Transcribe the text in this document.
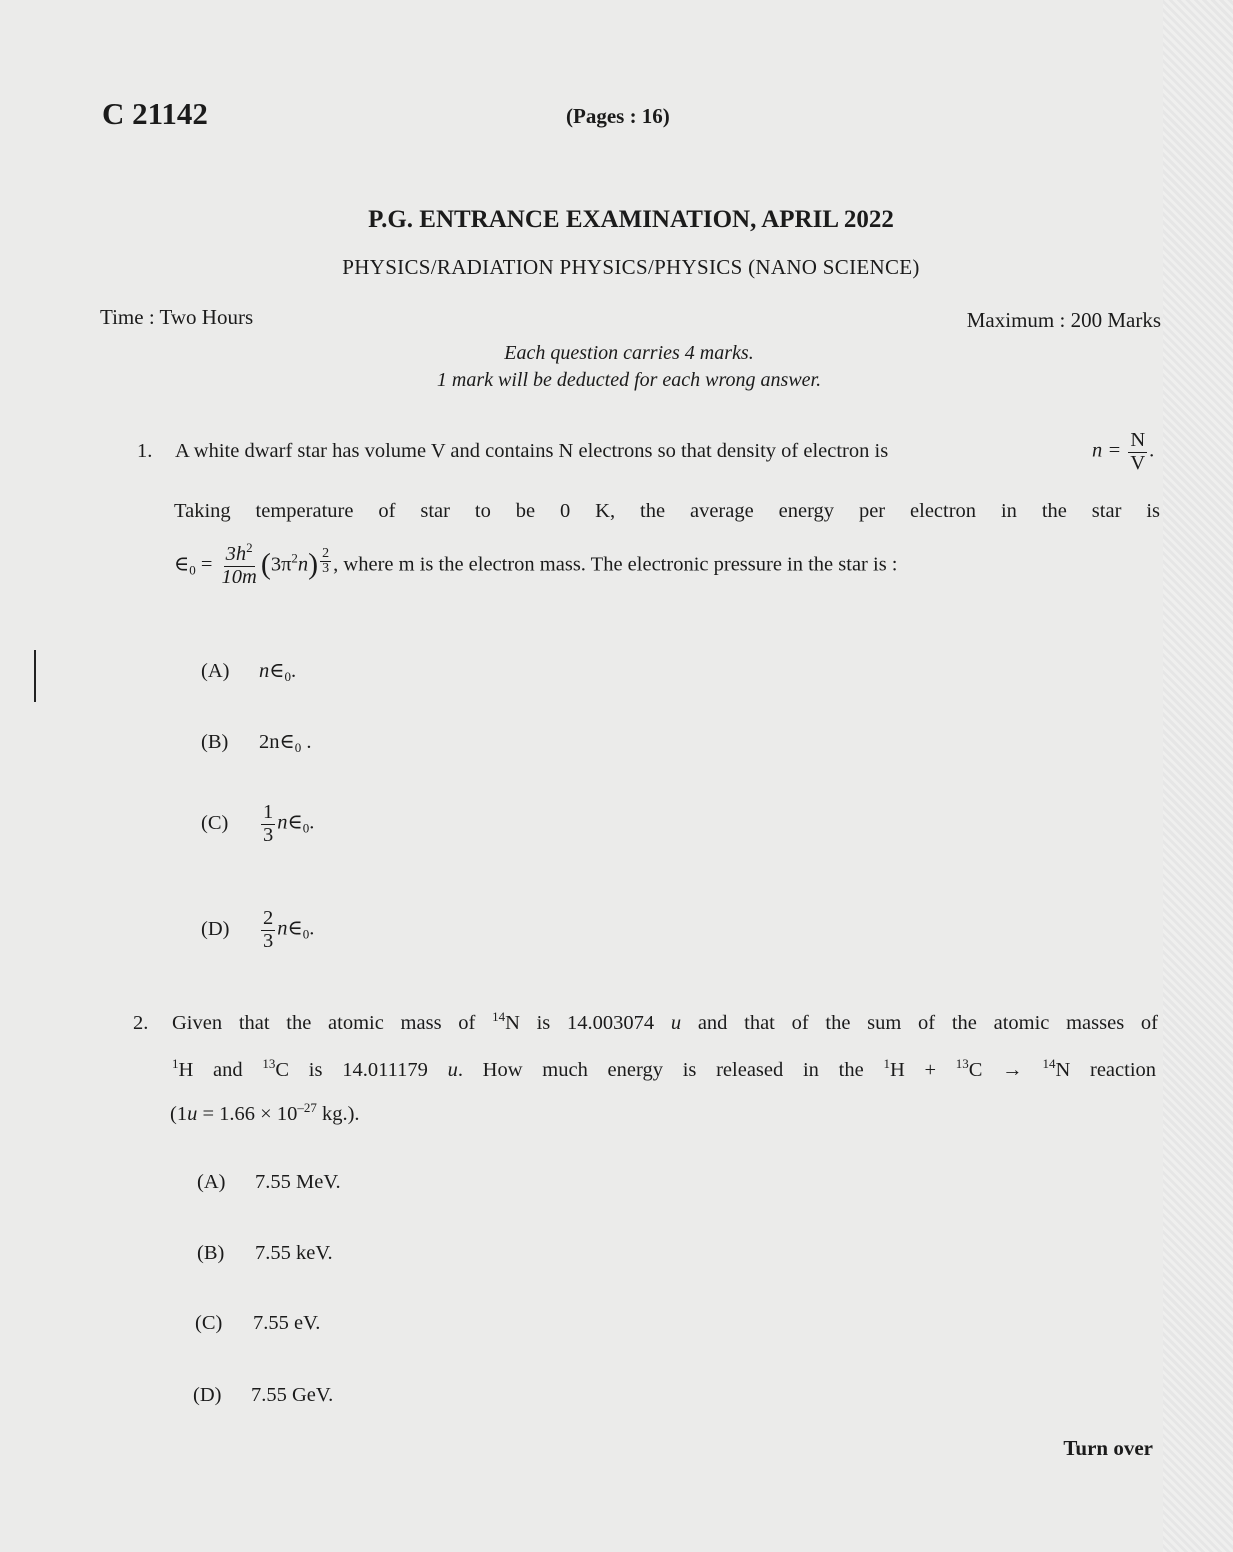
C 21142	(Pages : 16)
P.G. ENTRANCE EXAMINATION, APRIL 2022
PHYSICS/RADIATION PHYSICS/PHYSICS (NANO SCIENCE)
Time : Two Hours	Maximum : 200 Marks
Each question carries 4 marks.
1 mark will be deducted for each wrong answer.
1. A white dwarf star has volume V and contains N electrons so that density of electron is	$n = \frac{N}{V}$ .
Taking temperature of star to be 0 K, the average energy per electron in the star is
$\in_0 = \frac{3h^2}{10m} (3\pi^2n) \frac{2}{3}$ , where m is the electron mass. The electronic pressure in the star is :
(A) $n\in_0$.
(B) $2n\in_0$ .
$(C) \frac{1}{3}$ $n\in_0$.
$(D) \frac{2}{3}$ $n\in_0$.
2. Given that the atomic mass of $^{14}$N is 14.003074 u and that of the sum of the atomic masses of
$^1$H and $^{13}$C is 14.011179 u. How much energy is released in the $^1$H + $^{13}$C → $^{14}$N reaction
($1u = 1.66 \times 10^{-27}$ kg.).
(A) 7.55 MeV.
(B) 7.55 keV.
(C) 7.55 eV.
(D) 7.55 GeV.
Turn over
